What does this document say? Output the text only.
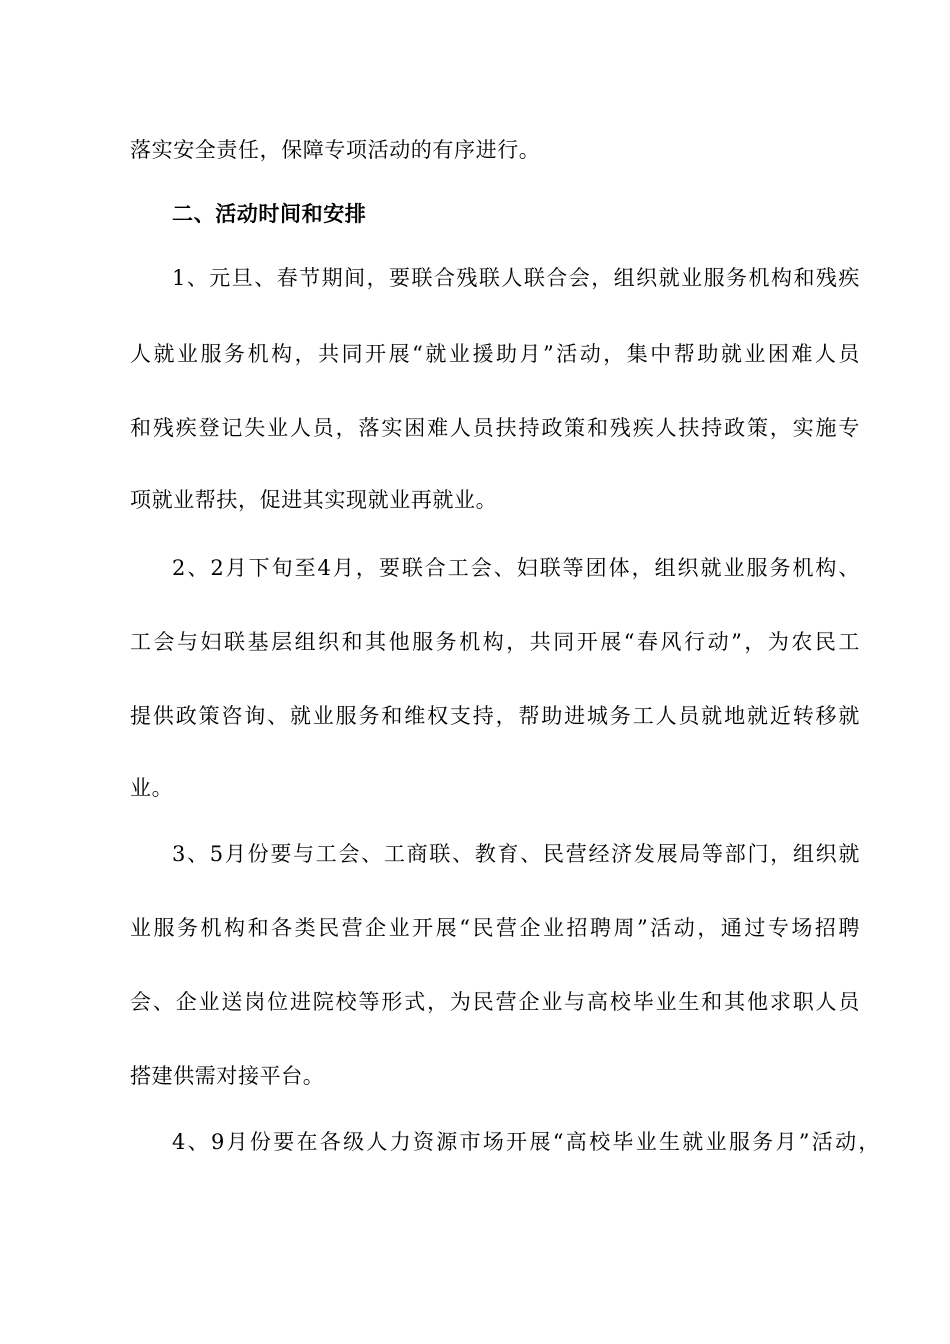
落实安全责任，保障专项活动的有序进行。

二、活动时间和安排

1、元旦、春节期间，要联合残联人联合会，组织就业服务机构和残疾

人就业服务机构，共同开展“就业援助月”活动，集中帮助就业困难人员

和残疾登记失业人员，落实困难人员扶持政策和残疾人扶持政策，实施专

项就业帮扶，促进其实现就业再就业。

2、2月下旬至4月，要联合工会、妇联等团体，组织就业服务机构、

工会与妇联基层组织和其他服务机构，共同开展“春风行动”，为农民工

提供政策咨询、就业服务和维权支持，帮助进城务工人员就地就近转移就

业。

3、5月份要与工会、工商联、教育、民营经济发展局等部门，组织就

业服务机构和各类民营企业开展“民营企业招聘周”活动，通过专场招聘

会、企业送岗位进院校等形式，为民营企业与高校毕业生和其他求职人员

搭建供需对接平台。

4、9月份要在各级人力资源市场开展“高校毕业生就业服务月”活动，
